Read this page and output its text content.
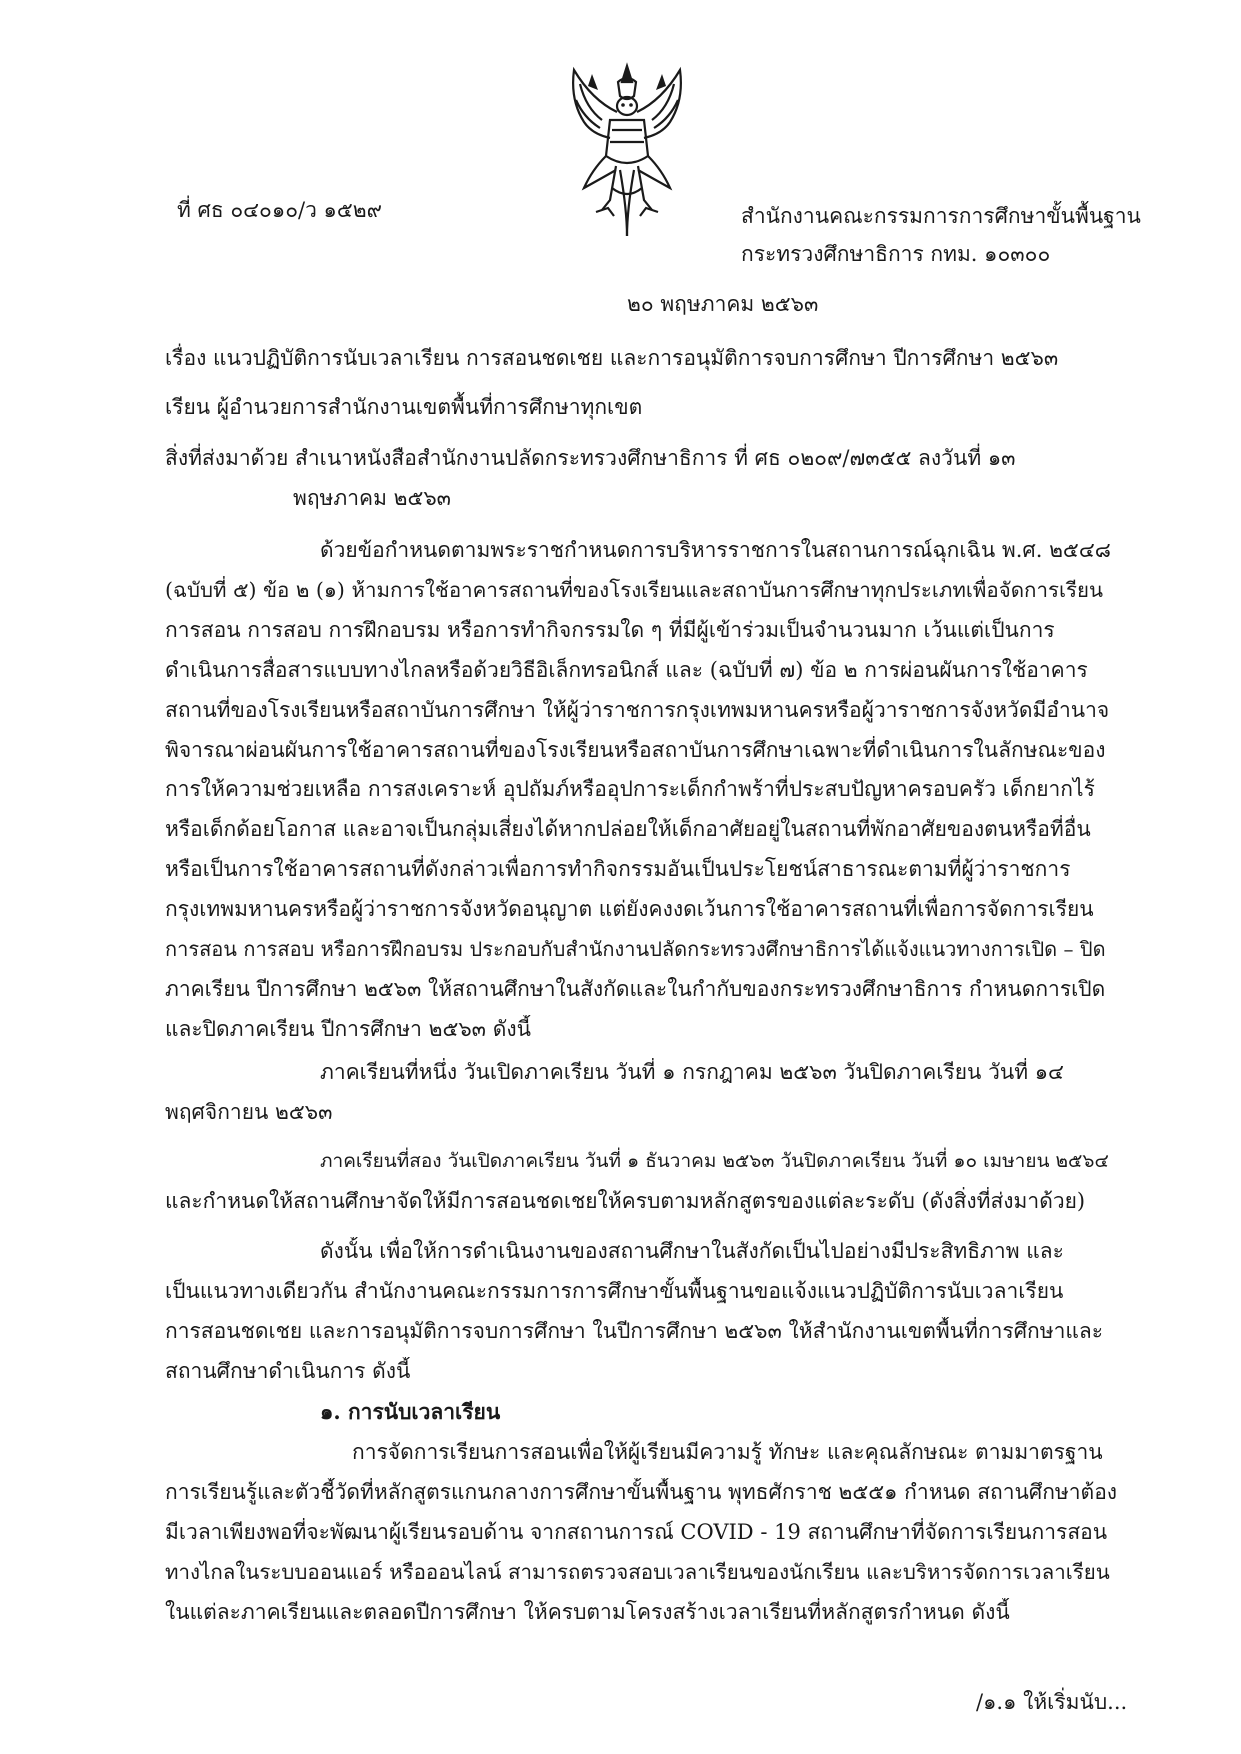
ที่ ศธ ๐๔๐๑๐/ว ๑๕๒๙	สำนักงานคณะกรรมการการศึกษาขั้นพื้นฐาน
กระทรวงศึกษาธิการ กทม. ๑๐๓๐๐
๒๐ พฤษภาคม ๒๕๖๓
เรื่อง แนวปฏิบัติการนับเวลาเรียน การสอนชดเชย และการอนุมัติการจบการศึกษา ปีการศึกษา ๒๕๖๓
เรียน ผู้อำนวยการสำนักงานเขตพื้นที่การศึกษาทุกเขต
สิ่งที่ส่งมาด้วย สำเนาหนังสือสำนักงานปลัดกระทรวงศึกษาธิการ ที่ ศธ ๐๒๐๙/๗๓๕๕ ลงวันที่ ๑๓
พฤษภาคม ๒๕๖๓
ด้วยข้อกำหนดตามพระราชกำหนดการบริหารราชการในสถานการณ์ฉุกเฉิน พ.ศ. ๒๕๔๘
(ฉบับที่ ๕) ข้อ ๒ (๑) ห้ามการใช้อาคารสถานที่ของโรงเรียนและสถาบันการศึกษาทุกประเภทเพื่อจัดการเรียน
การสอน การสอบ การฝึกอบรม หรือการทำกิจกรรมใด ๆ ที่มีผู้เข้าร่วมเป็นจำนวนมาก เว้นแต่เป็นการ
ดำเนินการสื่อสารแบบทางไกลหรือด้วยวิธีอิเล็กทรอนิกส์ และ (ฉบับที่ ๗) ข้อ ๒ การผ่อนผันการใช้อาคาร
สถานที่ของโรงเรียนหรือสถาบันการศึกษา ให้ผู้ว่าราชการกรุงเทพมหานครหรือผู้วาราชการจังหวัดมีอำนาจ
พิจารณาผ่อนผันการใช้อาคารสถานที่ของโรงเรียนหรือสถาบันการศึกษาเฉพาะที่ดำเนินการในลักษณะของ
การให้ความช่วยเหลือ การสงเคราะห์ อุปถัมภ์หรืออุปการะเด็กกำพร้าที่ประสบปัญหาครอบครัว เด็กยากไร้
หรือเด็กด้อยโอกาส และอาจเป็นกลุ่มเสี่ยงได้หากปล่อยให้เด็กอาศัยอยู่ในสถานที่พักอาศัยของตนหรือที่อื่น
หรือเป็นการใช้อาคารสถานที่ดังกล่าวเพื่อการทำกิจกรรมอันเป็นประโยชน์สาธารณะตามที่ผู้ว่าราชการ
กรุงเทพมหานครหรือผู้ว่าราชการจังหวัดอนุญาต แต่ยังคงงดเว้นการใช้อาคารสถานที่เพื่อการจัดการเรียน
การสอน การสอบ หรือการฝึกอบรม ประกอบกับสำนักงานปลัดกระทรวงศึกษาธิการได้แจ้งแนวทางการเปิด – ปิด
ภาคเรียน ปีการศึกษา ๒๕๖๓ ให้สถานศึกษาในสังกัดและในกำกับของกระทรวงศึกษาธิการ กำหนดการเปิด
และปิดภาคเรียน ปีการศึกษา ๒๕๖๓ ดังนี้
ภาคเรียนที่หนึ่ง วันเปิดภาคเรียน วันที่ ๑ กรกฎาคม ๒๕๖๓ วันปิดภาคเรียน วันที่ ๑๔
พฤศจิกายน ๒๕๖๓
ภาคเรียนที่สอง วันเปิดภาคเรียน วันที่ ๑ ธันวาคม ๒๕๖๓ วันปิดภาคเรียน วันที่ ๑๐ เมษายน ๒๕๖๔
และกำหนดให้สถานศึกษาจัดให้มีการสอนชดเชยให้ครบตามหลักสูตรของแต่ละระดับ (ดังสิ่งที่ส่งมาด้วย)
ดังนั้น เพื่อให้การดำเนินงานของสถานศึกษาในสังกัดเป็นไปอย่างมีประสิทธิภาพ และ
เป็นแนวทางเดียวกัน สำนักงานคณะกรรมการการศึกษาขั้นพื้นฐานขอแจ้งแนวปฏิบัติการนับเวลาเรียน
การสอนชดเชย และการอนุมัติการจบการศึกษา ในปีการศึกษา ๒๕๖๓ ให้สำนักงานเขตพื้นที่การศึกษาและ
สถานศึกษาดำเนินการ ดังนี้
๑. การนับเวลาเรียน
การจัดการเรียนการสอนเพื่อให้ผู้เรียนมีความรู้ ทักษะ และคุณลักษณะ ตามมาตรฐาน
การเรียนรู้และตัวชี้วัดที่หลักสูตรแกนกลางการศึกษาขั้นพื้นฐาน พุทธศักราช ๒๕๕๑ กำหนด สถานศึกษาต้อง
มีเวลาเพียงพอที่จะพัฒนาผู้เรียนรอบด้าน จากสถานการณ์ COVID - 19 สถานศึกษาที่จัดการเรียนการสอน
ทางไกลในระบบออนแอร์ หรือออนไลน์ สามารถตรวจสอบเวลาเรียนของนักเรียน และบริหารจัดการเวลาเรียน
ในแต่ละภาคเรียนและตลอดปีการศึกษา ให้ครบตามโครงสร้างเวลาเรียนที่หลักสูตรกำหนด ดังนี้
/๑.๑ ให้เริ่มนับ...
